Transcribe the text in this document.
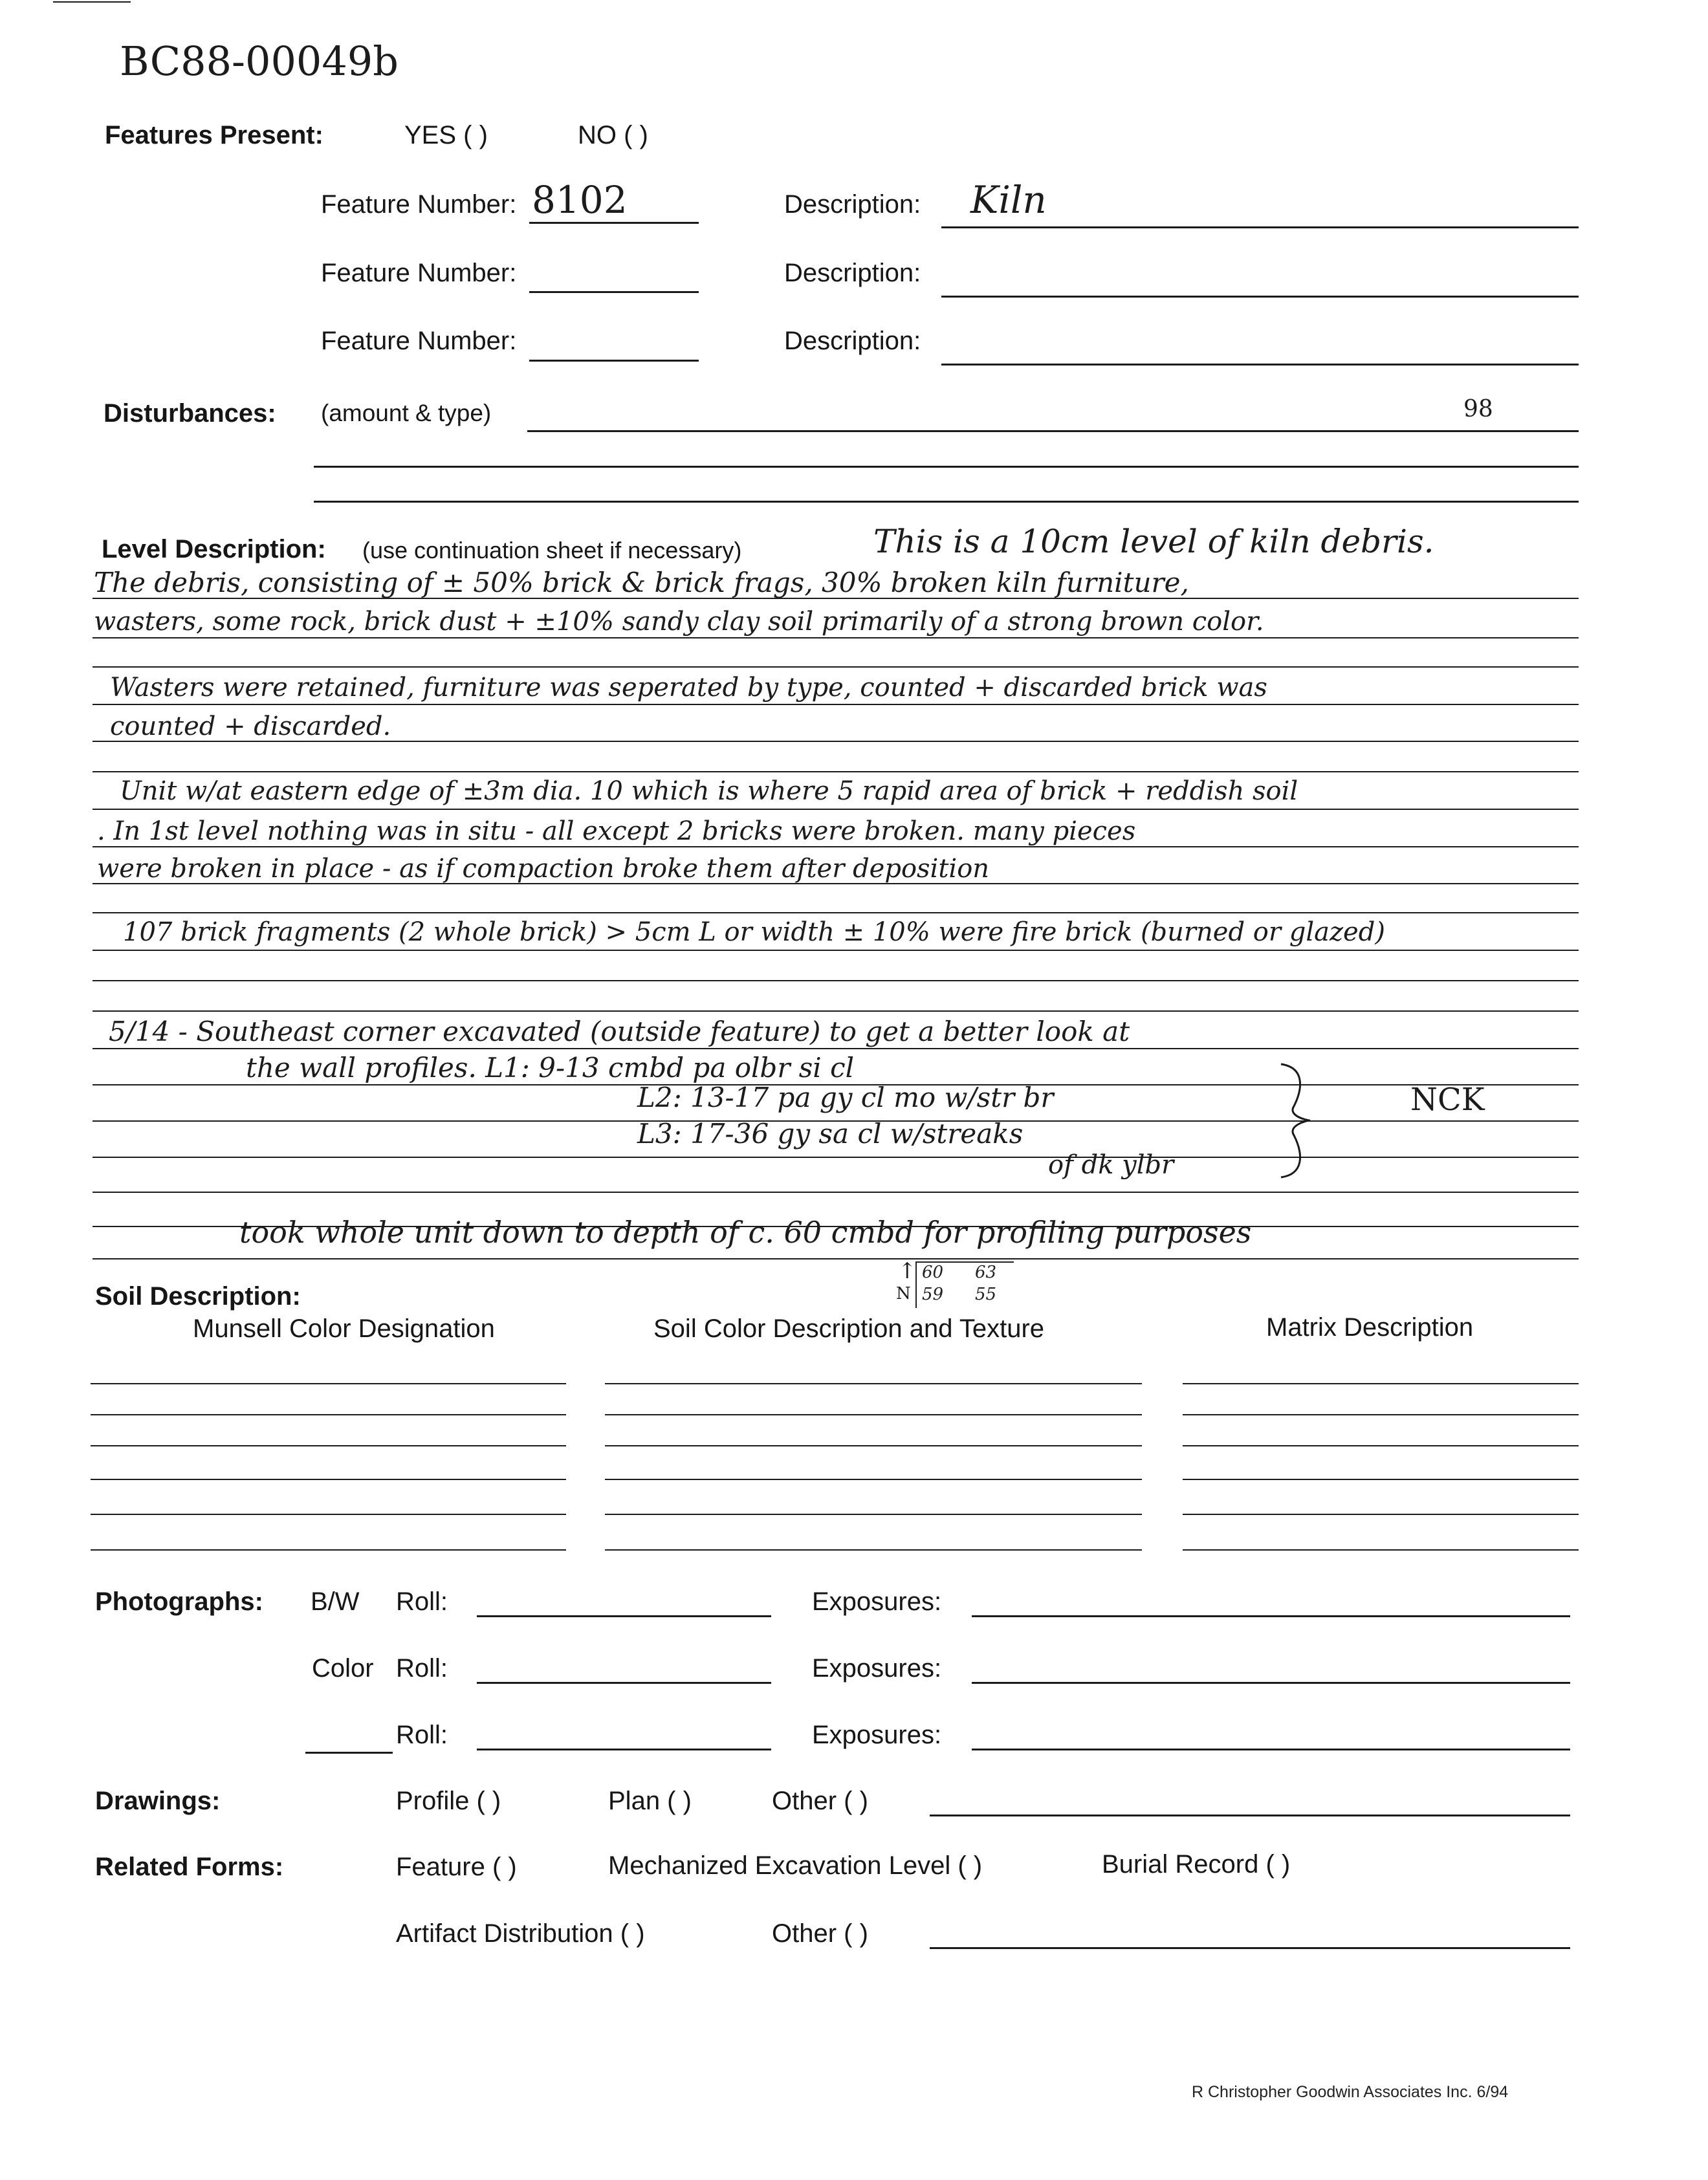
BC88-00049b
Features Present:	YES ( )	NO ( )
Feature Number: 8102	Description: Kiln
Feature Number:	Description:
Feature Number:	Description:
Disturbances: (amount & type)	98
Level Description: (use continuation sheet if necessary)	This is a 10cm level of kiln debris.
The debris, consisting of ± 50% brick & brick frags, 30% broken kiln furniture,
wasters, some rock, brick dust + ±10% sandy clay soil primarily of a strong brown color.
Wasters were retained, furniture was seperated by type, counted + discarded brick was
counted + discarded.
Unit w/at eastern edge of ±3m dia. 10 which is where 5 rapid area of brick + reddish soil
. In 1st level nothing was in situ - all except 2 bricks were broken. many pieces
were broken in place - as if compaction broke them after deposition
107 brick fragments (2 whole brick) > 5cm L or width ± 10% were fire brick (burned or glazed)
5/14 - Southeast corner excavated (outside feature) to get a better look at
the wall profiles. L1: 9-13 cmbd pa olbr si cl
L2: 13-17 pa gy cl mo w/str br	NCK
L3: 17-36 gy sa cl w/streaks
of dk ylbr
took whole unit down to depth of c. 60 cmbd for profiling purposes
↑
N
60 63
59 55
Soil Description:
Munsell Color Designation	Soil Color Description and Texture	Matrix Description
Photographs: B/W Roll:	Exposures:
Color Roll:	Exposures:
Roll:	Exposures:
Drawings:	Profile ( )	Plan ( )	Other ( )
Related Forms:	Feature ( )	Mechanized Excavation Level ( )	Burial Record ( )
Artifact Distribution ( )	Other ( )
R Christopher Goodwin Associates Inc. 6/94
